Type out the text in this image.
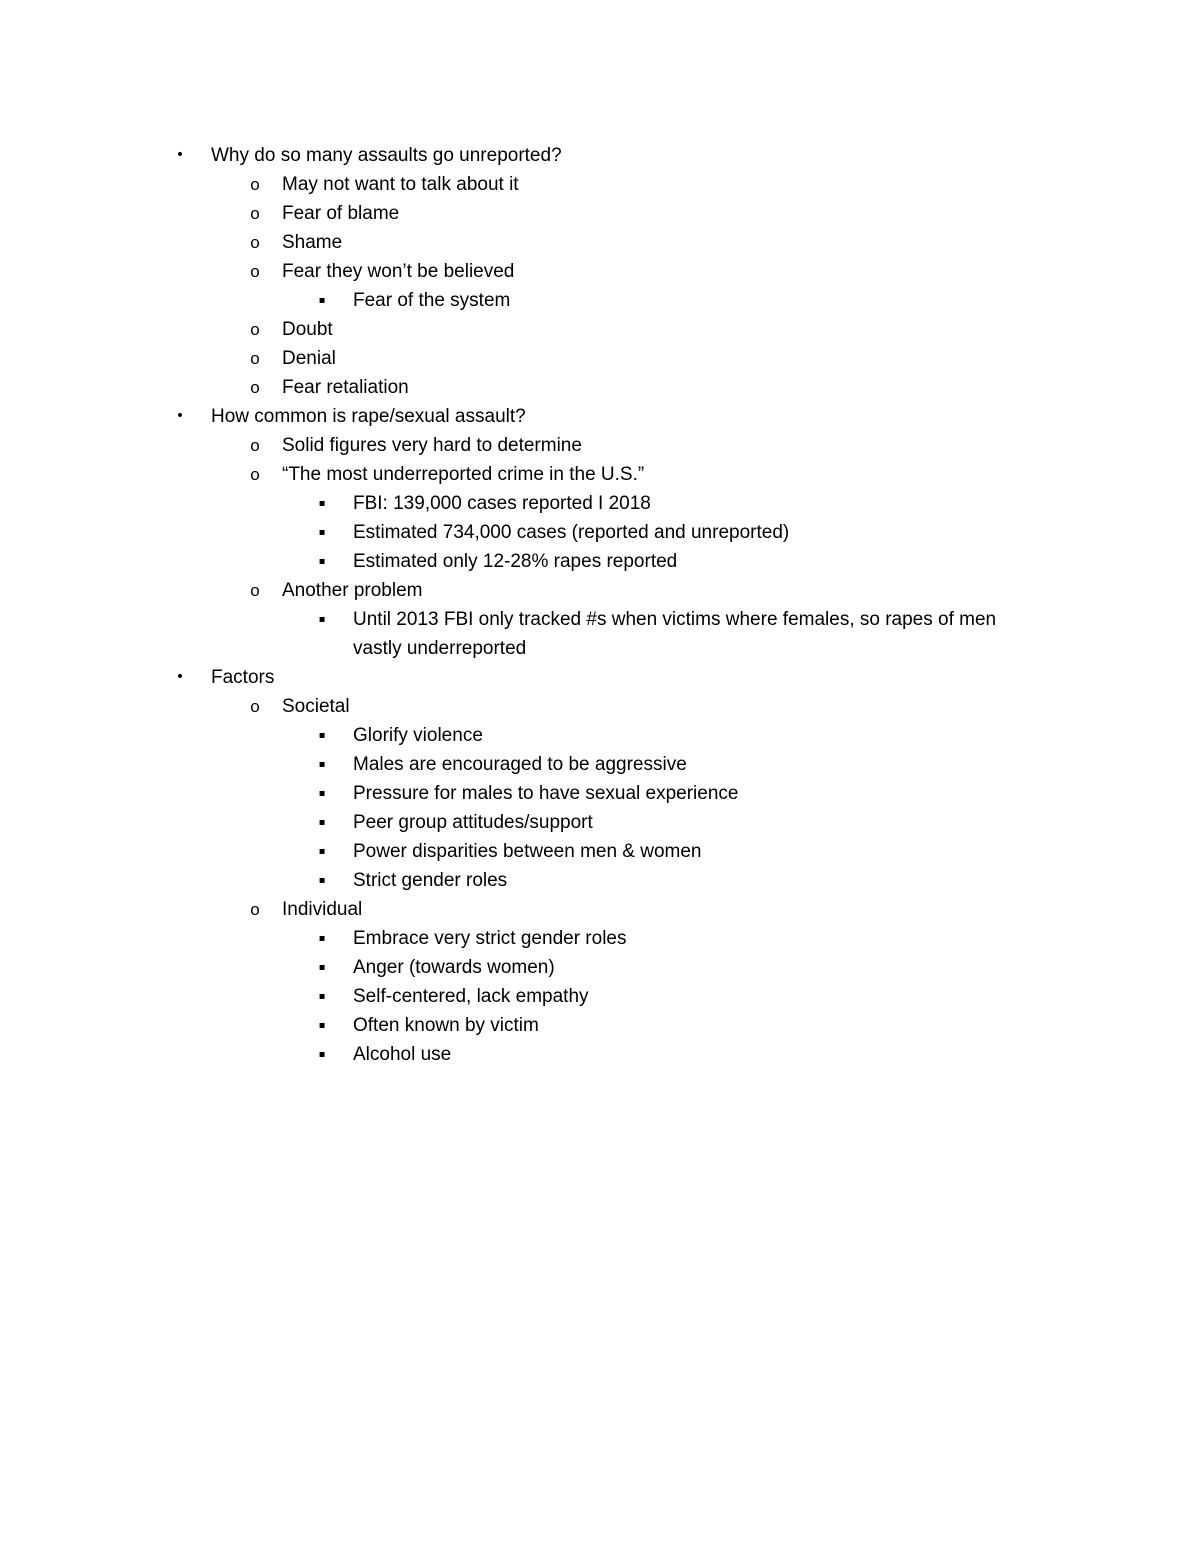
•	Why do so many assaults go unreported?
o May not want to talk about it
o Fear of blame
o Shame
o Fear they won’t be believed
▪	Fear of the system
o Doubt
o Denial
o Fear retaliation
•	How common is rape/sexual assault?
o Solid figures very hard to determine
o “The most underreported crime in the U.S.”
▪	FBI: 139,000 cases reported I 2018
▪	Estimated 734,000 cases (reported and unreported)
▪	Estimated only 12-28% rapes reported
o Another problem
▪	Until 2013 FBI only tracked #s when victims where females, so rapes of men
vastly underreported
•	Factors
o Societal
▪	Glorify violence
▪	Males are encouraged to be aggressive
▪	Pressure for males to have sexual experience
▪	Peer group attitudes/support
▪	Power disparities between men & women
▪	Strict gender roles
o Individual
▪	Embrace very strict gender roles
▪	Anger (towards women)
▪	Self-centered, lack empathy
▪	Often known by victim
▪	Alcohol use
